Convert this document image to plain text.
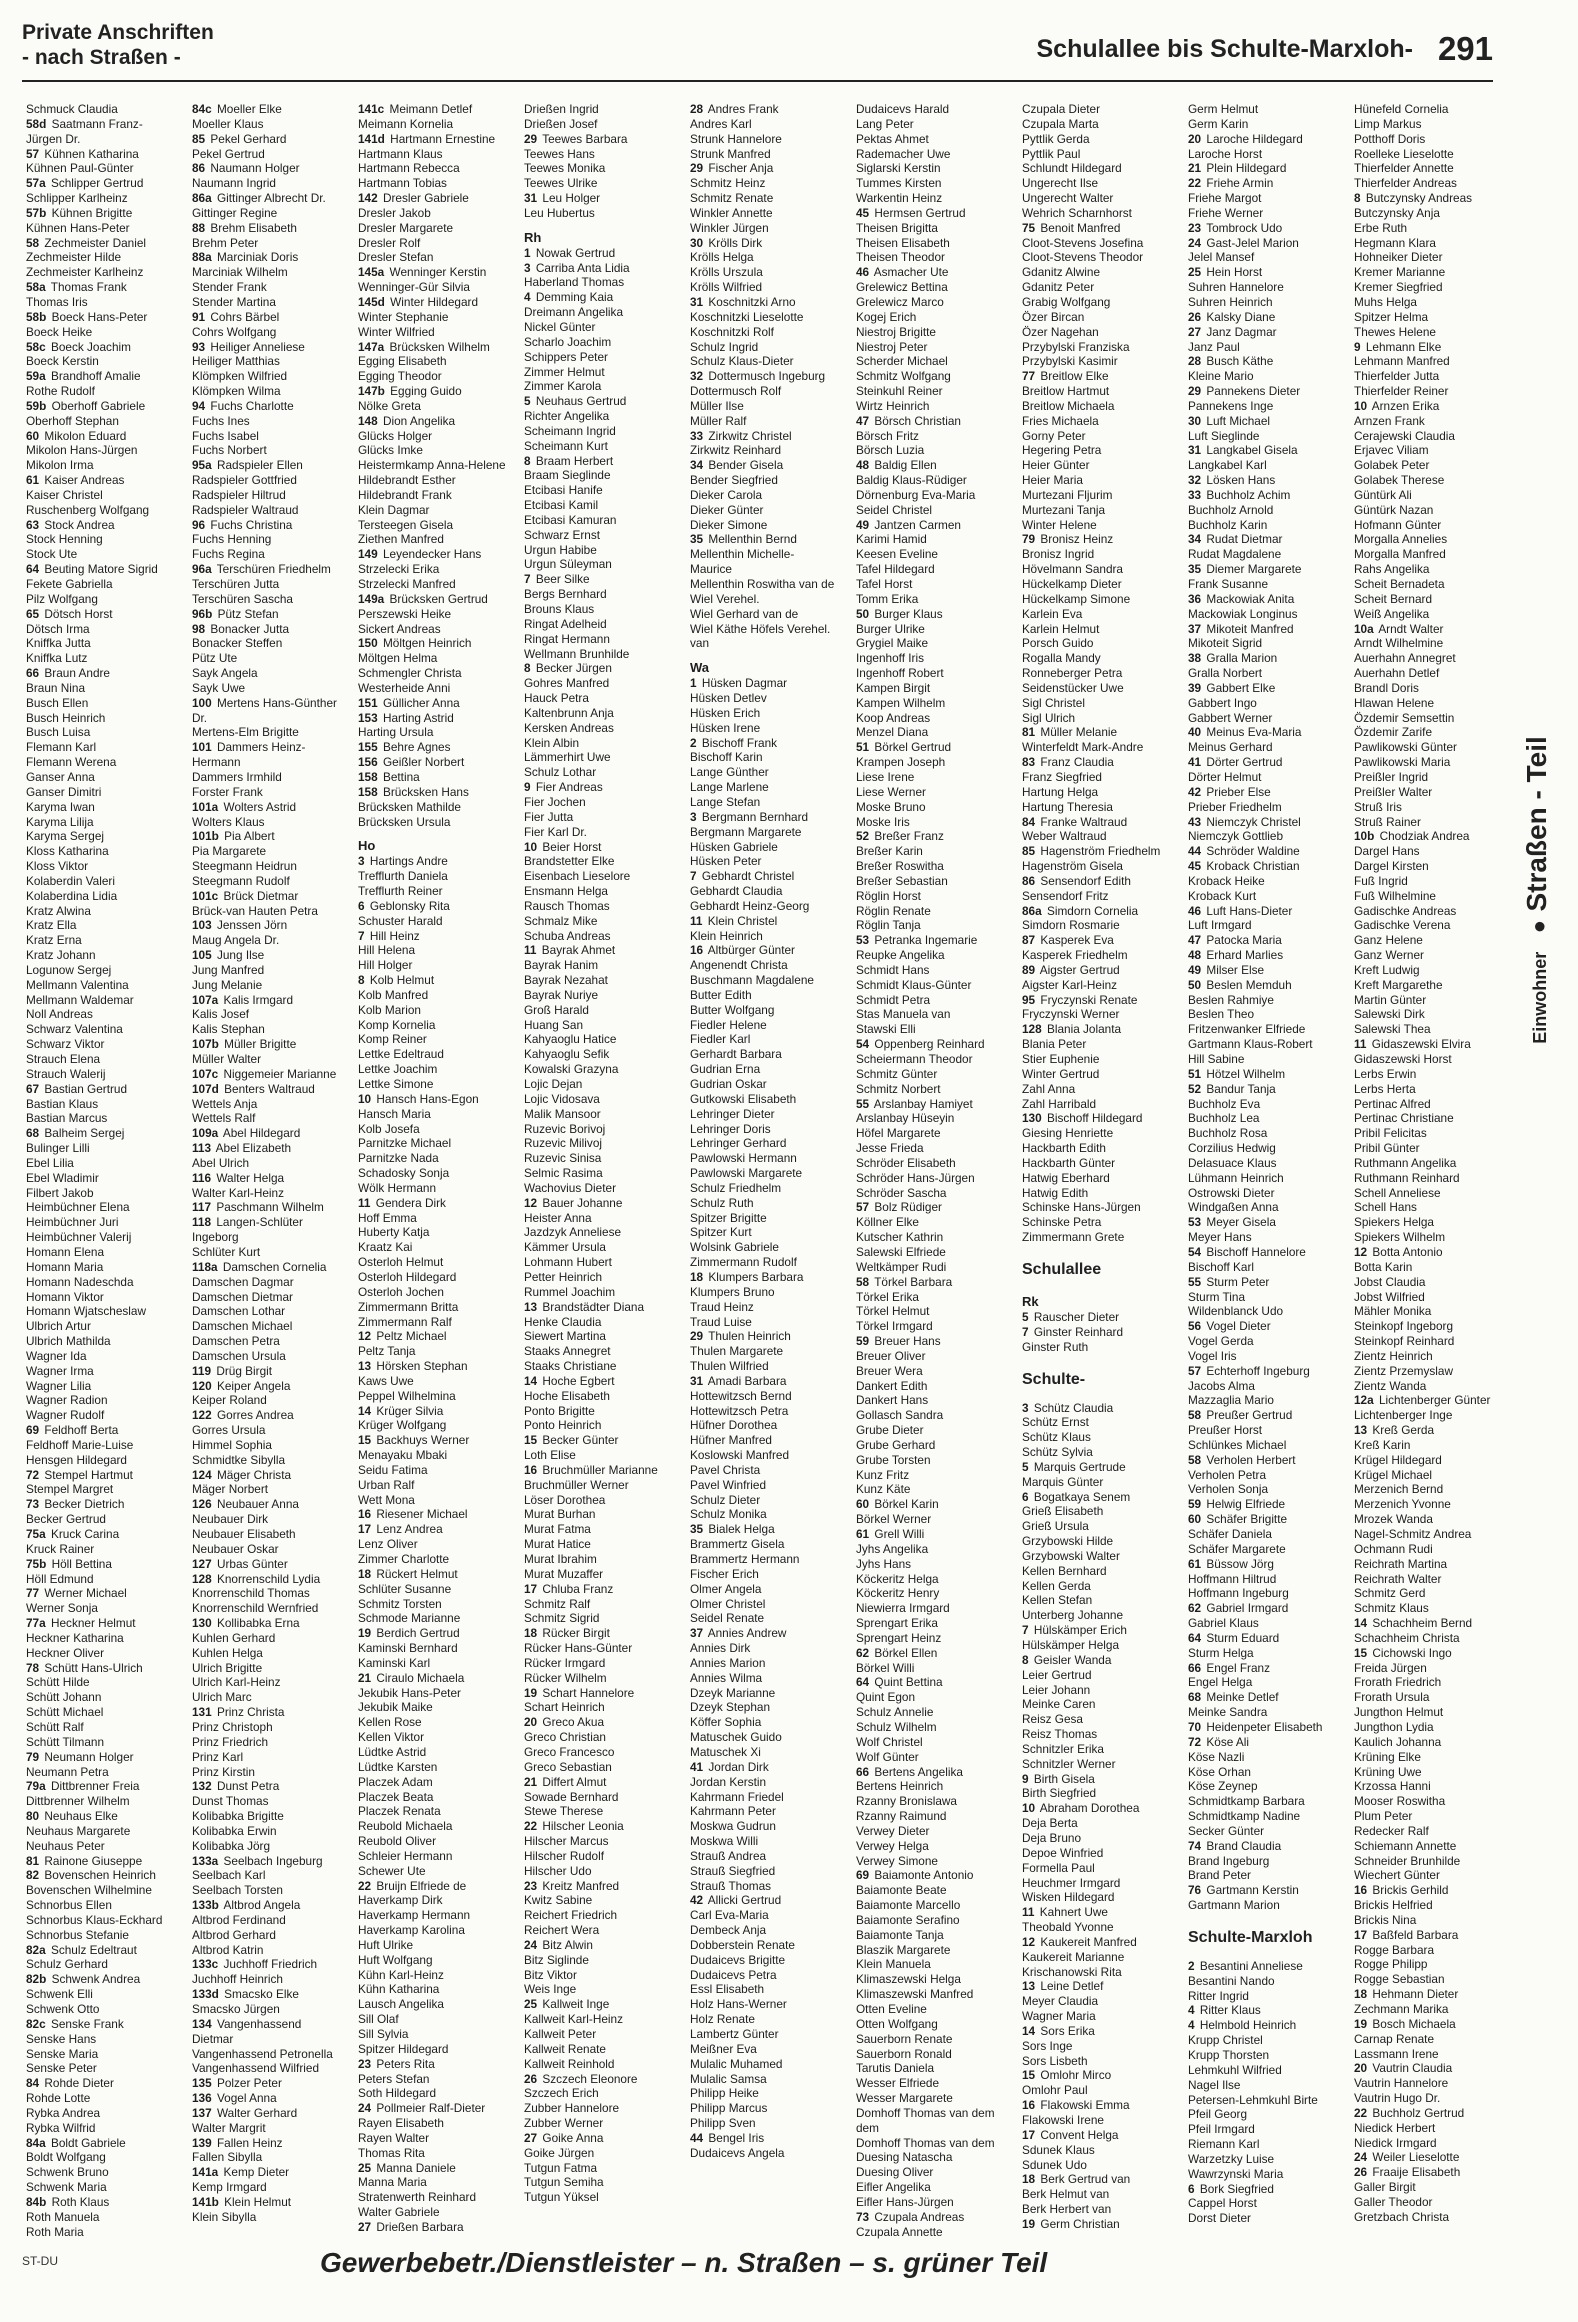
Private Anschriften
- nach Straßen -	Schulallee bis Schulte-Marxloh- 291
Schmuck Claudia
58d Saatmann Franz-
Jürgen Dr.
57 Kühnen Katharina
Kühnen Paul-Günter
57a Schlipper Gertrud
Schlipper Karlheinz
57b Kühnen Brigitte
Kühnen Hans-Peter
58 Zechmeister Daniel
Zechmeister Hilde
Zechmeister Karlheinz
58a Thomas Frank
Thomas Iris
58b Boeck Hans-Peter
Boeck Heike
58c Boeck Joachim
Boeck Kerstin
59a Brandhoff Amalie
Rothe Rudolf
59b Oberhoff Gabriele
Oberhoff Stephan
60 Mikolon Eduard
Mikolon Hans-Jürgen
Mikolon Irma
61 Kaiser Andreas
Kaiser Christel
Ruschenberg Wolfgang
63 Stock Andrea
Stock Henning
Stock Ute
64 Beuting Matore Sigrid
Fekete Gabriella
Pilz Wolfgang
65 Dötsch Horst
Dötsch Irma
Kniffka Jutta
Kniffka Lutz
66 Braun Andre
Braun Nina
Busch Ellen
Busch Heinrich
Busch Luisa
Flemann Karl
Flemann Werena
Ganser Anna
Ganser Dimitri
Karyma Iwan
Karyma Lilija
Karyma Sergej
Kloss Katharina
Kloss Viktor
Kolaberdin Valeri
Kolaberdina Lidia
Kratz Alwina
Kratz Ella
Kratz Erna
Kratz Johann
Logunow Sergej
Mellmann Valentina
Mellmann Waldemar
Noll Andreas
Schwarz Valentina
Schwarz Viktor
Strauch Elena
Strauch Walerij
67 Bastian Gertrud
Bastian Klaus
Bastian Marcus
68 Balheim Sergej
Bulinger Lilli
Ebel Lilia
Ebel Wladimir
Filbert Jakob
Heimbüchner Elena
Heimbüchner Juri
Heimbüchner Valerij
Homann Elena
Homann Maria
Homann Nadeschda
Homann Viktor
Homann Wjatscheslaw
Ulbrich Artur
Ulbrich Mathilda
Wagner Ida
Wagner Irma
Wagner Lilia
Wagner Radion
Wagner Rudolf
69 Feldhoff Berta
Feldhoff Marie-Luise
Hensgen Hildegard
72 Stempel Hartmut
Stempel Margret
73 Becker Dietrich
Becker Gertrud
75a Kruck Carina
Kruck Rainer
75b Höll Bettina
Höll Edmund
77 Werner Michael
Werner Sonja
77a Heckner Helmut
Heckner Katharina
Heckner Oliver
78 Schütt Hans-Ulrich
Schütt Hilde
Schütt Johann
Schütt Michael
Schütt Ralf
Schütt Tilmann
79 Neumann Holger
Neumann Petra
79a Dittbrenner Freia
Dittbrenner Wilhelm
80 Neuhaus Elke
Neuhaus Margarete
Neuhaus Peter
81 Rainone Giuseppe
82 Bovenschen Heinrich
Bovenschen Wilhelmine
Schnorbus Ellen
Schnorbus Klaus-Eckhard
Schnorbus Stefanie
82a Schulz Edeltraut
Schulz Gerhard
82b Schwenk Andrea
Schwenk Elli
Schwenk Otto
82c Senske Frank
Senske Hans
Senske Maria
Senske Peter
84 Rohde Dieter
Rohde Lotte
Rybka Andrea
Rybka Wilfrid
84a Boldt Gabriele
Boldt Wolfgang
Schwenk Bruno
Schwenk Maria
84b Roth Klaus
Roth Manuela
Roth Maria
84c Moeller Elke
Moeller Klaus
85 Pekel Gerhard
Pekel Gertrud
86 Naumann Holger
Naumann Ingrid
86a Gittinger Albrecht Dr.
Gittinger Regine
88 Brehm Elisabeth
Brehm Peter
88a Marciniak Doris
Marciniak Wilhelm
Stender Frank
Stender Martina
91 Cohrs Bärbel
Cohrs Wolfgang
93 Heiliger Anneliese
Heiliger Matthias
Klömpken Wilfried
Klömpken Wilma
94 Fuchs Charlotte
Fuchs Ines
Fuchs Isabel
Fuchs Norbert
95a Radspieler Ellen
Radspieler Gottfried
Radspieler Hiltrud
Radspieler Waltraud
96 Fuchs Christina
Fuchs Henning
Fuchs Regina
96a Terschüren Friedhelm
Terschüren Jutta
Terschüren Sascha
96b Pütz Stefan
98 Bonacker Jutta
Bonacker Steffen
Pütz Ute
Sayk Angela
Sayk Uwe
100 Mertens Hans-Günther
Dr.
Mertens-Elm Brigitte
101 Dammers Heinz-
Hermann
Dammers Irmhild
Forster Frank
101a Wolters Astrid
Wolters Klaus
101b Pia Albert
Pia Margarete
Steegmann Heidrun
Steegmann Rudolf
101c Brück Dietmar
Brück-van Hauten Petra
103 Jenssen Jörn
Maug Angela Dr.
105 Jung Ilse
Jung Manfred
Jung Melanie
107a Kalis Irmgard
Kalis Josef
Kalis Stephan
107b Müller Brigitte
Müller Walter
107c Niggemeier Marianne
107d Benters Waltraud
Wettels Anja
Wettels Ralf
109a Abel Hildegard
113 Abel Elizabeth
Abel Ulrich
116 Walter Helga
Walter Karl-Heinz
117 Paschmann Wilhelm
118 Langen-Schlüter
Ingeborg
Schlüter Kurt
118a Damschen Cornelia
Damschen Dagmar
Damschen Dietmar
Damschen Lothar
Damschen Michael
Damschen Petra
Damschen Ursula
119 Drüg Birgit
120 Keiper Angela
Keiper Roland
122 Gorres Andrea
Gorres Ursula
Himmel Sophia
Schmidtke Sibylla
124 Mäger Christa
Mäger Norbert
126 Neubauer Anna
Neubauer Dirk
Neubauer Elisabeth
Neubauer Oskar
127 Urbas Günter
128 Knorrenschild Lydia
Knorrenschild Thomas
Knorrenschild Wernfried
130 Kollibabka Erna
Kuhlen Gerhard
Kuhlen Helga
Ulrich Brigitte
Ulrich Karl-Heinz
Ulrich Marc
131 Prinz Christa
Prinz Christoph
Prinz Friedrich
Prinz Karl
Prinz Kirstin
132 Dunst Petra
Dunst Thomas
Kolibabka Brigitte
Kolibabka Erwin
Kolibabka Jörg
133a Seelbach Ingeburg
Seelbach Karl
Seelbach Torsten
133b Altbrod Angela
Altbrod Ferdinand
Altbrod Gerhard
Altbrod Katrin
133c Juchhoff Friedrich
Juchhoff Heinrich
133d Smacsko Elke
Smacsko Jürgen
134 Vangenhassend
Dietmar
Vangenhassend Petronella
Vangenhassend Wilfried
135 Polzer Peter
136 Vogel Anna
137 Walter Gerhard
Walter Margrit
139 Fallen Heinz
Fallen Sibylla
141a Kemp Dieter
Kemp Irmgard
141b Klein Helmut
Klein Sibylla
141c Meimann Detlef
Meimann Kornelia
141d Hartmann Ernestine
Hartmann Klaus
Hartmann Rebecca
Hartmann Tobias
142 Dresler Gabriele
Dresler Jakob
Dresler Margarete
Dresler Rolf
Dresler Stefan
145a Wenninger Kerstin
Wenninger-Gür Silvia
145d Winter Hildegard
Winter Stephanie
Winter Wilfried
147a Brücksken Wilhelm
Egging Elisabeth
Egging Theodor
147b Egging Guido
Nölke Greta
148 Dion Angelika
Glücks Holger
Glücks Imke
Heistermkamp Anna-Helene
Hildebrandt Esther
Hildebrandt Frank
Klein Dagmar
Tersteegen Gisela
Ziethen Manfred
149 Leyendecker Hans
Strzelecki Erika
Strzelecki Manfred
149a Brücksken Gertrud
Perszewski Heike
Sickert Andreas
150 Möltgen Heinrich
Möltgen Helma
Schmengler Christa
Westerheide Anni
151 Güllicher Anna
153 Harting Astrid
Harting Ursula
155 Behre Agnes
156 Geißler Norbert
158 Bettina
158 Brücksken Hans
Brücksken Mathilde
Brücksken Ursula
Ho
3 Hartings Andre
Trefflurth Daniela
Trefflurth Reiner
6 Geblonsky Rita
Schuster Harald
7 Hill Heinz
Hill Helena
Hill Holger
8 Kolb Helmut
Kolb Manfred
Kolb Marion
Komp Kornelia
Komp Reiner
Lettke Edeltraud
Lettke Joachim
Lettke Simone
10 Hansch Hans-Egon
Hansch Maria
Kolb Josefa
Parnitzke Michael
Parnitzke Nada
Schadosky Sonja
Wölk Hermann
11 Gendera Dirk
Hoff Emma
Huberty Katja
Kraatz Kai
Osterloh Helmut
Osterloh Hildegard
Osterloh Jochen
Zimmermann Britta
Zimmermann Ralf
12 Peltz Michael
Peltz Tanja
13 Hörsken Stephan
Kaws Uwe
Peppel Wilhelmina
14 Krüger Silvia
Krüger Wolfgang
15 Backhuys Werner
Menayaku Mbaki
Seidu Fatima
Urban Ralf
Wett Mona
16 Riesener Michael
17 Lenz Andrea
Lenz Oliver
Zimmer Charlotte
18 Rückert Helmut
Schlüter Susanne
Schmitz Torsten
Schmode Marianne
19 Berdich Gertrud
Kaminski Bernhard
Kaminski Karl
21 Ciraulo Michaela
Jekubik Hans-Peter
Jekubik Maike
Kellen Rose
Kellen Viktor
Lüdtke Astrid
Lüdtke Karsten
Placzek Adam
Placzek Beata
Placzek Renata
Reubold Michaela
Reubold Oliver
Schleier Hermann
Schewer Ute
22 Bruijn Elfriede de
Haverkamp Dirk
Haverkamp Hermann
Haverkamp Karolina
Huft Ulrike
Huft Wolfgang
Kühn Karl-Heinz
Kühn Katharina
Lausch Angelika
Sill Olaf
Sill Sylvia
Spitzer Hildegard
23 Peters Rita
Peters Stefan
Soth Hildegard
24 Pollmeier Ralf-Dieter
Rayen Elisabeth
Rayen Walter
Thomas Rita
25 Manna Daniele
Manna Maria
Stratenwerth Reinhard
Walter Gabriele
27 Drießen Barbara
Drießen Ingrid
Drießen Josef
29 Teewes Barbara
Teewes Hans
Teewes Monika
Teewes Ulrike
31 Leu Holger
Leu Hubertus
Rh
1 Nowak Gertrud
3 Carriba Anta Lidia
Haberland Thomas
4 Demming Kaia
Dreimann Angelika
Nickel Günter
Scharlo Joachim
Schippers Peter
Zimmer Helmut
Zimmer Karola
5 Neuhaus Gertrud
Richter Angelika
Scheimann Ingrid
Scheimann Kurt
8 Braam Herbert
Braam Sieglinde
Etcibasi Hanife
Etcibasi Kamil
Etcibasi Kamuran
Schwarz Ernst
Urgun Habibe
Urgun Süleyman
7 Beer Silke
Bergs Bernhard
Brouns Klaus
Ringat Adelheid
Ringat Hermann
Wellmann Brunhilde
8 Becker Jürgen
Gohres Manfred
Hauck Petra
Kaltenbrunn Anja
Kersken Andreas
Klein Albin
Lämmerhirt Uwe
Schulz Lothar
9 Fier Andreas
Fier Jochen
Fier Jutta
Fier Karl Dr.
10 Beier Horst
Brandstetter Elke
Eisenbach Lieselore
Ensmann Helga
Rausch Thomas
Schmalz Mike
Schuba Andreas
11 Bayrak Ahmet
Bayrak Hanim
Bayrak Nezahat
Bayrak Nuriye
Groß Harald
Huang San
Kahyaoglu Hatice
Kahyaoglu Sefik
Kowalski Grazyna
Lojic Dejan
Lojic Vidosava
Malik Mansoor
Ruzevic Borivoj
Ruzevic Milivoj
Ruzevic Sinisa
Selmic Rasima
Wachovius Dieter
12 Bauer Johanne
Heister Anna
Jazdzyk Anneliese
Kämmer Ursula
Lohmann Hubert
Petter Heinrich
Rummel Joachim
13 Brandstädter Diana
Henke Claudia
Siewert Martina
Staaks Annegret
Staaks Christiane
14 Hoche Egbert
Hoche Elisabeth
Ponto Brigitte
Ponto Heinrich
15 Becker Günter
Loth Elise
16 Bruchmüller Marianne
Bruchmüller Werner
Löser Dorothea
Murat Burhan
Murat Fatma
Murat Hatice
Murat Ibrahim
Murat Muzaffer
17 Chluba Franz
Schmitz Ralf
Schmitz Sigrid
18 Rücker Birgit
Rücker Hans-Günter
Rücker Irmgard
Rücker Wilhelm
19 Schart Hannelore
Schart Heinrich
20 Greco Akua
Greco Christian
Greco Francesco
Greco Sebastian
21 Differt Almut
Sowade Bernhard
Stewe Therese
22 Hilscher Leonia
Hilscher Marcus
Hilscher Rudolf
Hilscher Udo
23 Kreitz Manfred
Kwitz Sabine
Reichert Friedrich
Reichert Wera
24 Bitz Alwin
Bitz Siglinde
Bitz Viktor
Weis Inge
25 Kallweit Inge
Kallweit Karl-Heinz
Kallweit Peter
Kallweit Renate
Kallweit Reinhold
26 Szczech Eleonore
Szczech Erich
Zubber Hannelore
Zubber Werner
27 Goike Anna
Goike Jürgen
Tutgun Fatma
Tutgun Semiha
Tutgun Yüksel
28 Andres Frank
Andres Karl
Strunk Hannelore
Strunk Manfred
29 Fischer Anja
Schmitz Heinz
Schmitz Renate
Winkler Annette
Winkler Jürgen
30 Krölls Dirk
Krölls Helga
Krölls Urszula
Krölls Wilfried
31 Koschnitzki Arno
Koschnitzki Lieselotte
Koschnitzki Rolf
Schulz Ingrid
Schulz Klaus-Dieter
32 Dottermusch Ingeburg
Dottermusch Rolf
Müller Ilse
Müller Ralf
33 Zirkwitz Christel
Zirkwitz Reinhard
34 Bender Gisela
Bender Siegfried
Dieker Carola
Dieker Günter
Dieker Simone
35 Mellenthin Bernd
Mellenthin Michelle-
Maurice
Mellenthin Roswitha van de
Wiel Verehel.
Wiel Gerhard van de
Wiel Käthe Höfels Verehel.
van
Wa
1 Hüsken Dagmar
Hüsken Detlev
Hüsken Erich
Hüsken Irene
2 Bischoff Frank
Bischoff Karin
Lange Günther
Lange Marlene
Lange Stefan
3 Bergmann Bernhard
Bergmann Margarete
Hüsken Gabriele
Hüsken Peter
7 Gebhardt Christel
Gebhardt Claudia
Gebhardt Heinz-Georg
11 Klein Christel
Klein Heinrich
16 Altbürger Günter
Angenendt Christa
Buschmann Magdalene
Butter Edith
Butter Wolfgang
Fiedler Helene
Fiedler Karl
Gerhardt Barbara
Gudrian Erna
Gudrian Oskar
Gutkowski Elisabeth
Lehringer Dieter
Lehringer Doris
Lehringer Gerhard
Pawlowski Hermann
Pawlowski Margarete
Schulz Friedhelm
Schulz Ruth
Spitzer Brigitte
Spitzer Kurt
Wolsink Gabriele
Zimmermann Rudolf
18 Klumpers Barbara
Klumpers Bruno
Traud Heinz
Traud Luise
29 Thulen Heinrich
Thulen Margarete
Thulen Wilfried
31 Amadi Barbara
Hottewitzsch Bernd
Hottewitzsch Petra
Hüfner Dorothea
Hüfner Manfred
Koslowski Manfred
Pavel Christa
Pavel Winfried
Schulz Dieter
Schulz Monika
35 Bialek Helga
Brammertz Gisela
Brammertz Hermann
Fischer Erich
Olmer Angela
Olmer Christel
Seidel Renate
37 Annies Andrew
Annies Dirk
Annies Marion
Annies Wilma
Dzeyk Marianne
Dzeyk Stephan
Köffer Sophia
Matuschek Guido
Matuschek Xi
41 Jordan Dirk
Jordan Kerstin
Kahrmann Friedel
Kahrmann Peter
Moskwa Gudrun
Moskwa Willi
Strauß Andrea
Strauß Siegfried
Strauß Thomas
42 Allicki Gertrud
Carl Eva-Maria
Dembeck Anja
Dobberstein Renate
Dudaicevs Brigitte
Dudaicevs Petra
Essl Elisabeth
Holz Hans-Werner
Holz Renate
Lambertz Günter
Meißner Eva
Mulalic Muhamed
Mulalic Samsa
Philipp Heike
Philipp Marcus
Philipp Sven
44 Bengel Iris
Dudaicevs Angela
Dudaicevs Harald
Lang Peter
Pektas Ahmet
Rademacher Uwe
Siglarski Kerstin
Tummes Kirsten
Warkentin Heinz
45 Hermsen Gertrud
Theisen Brigitta
Theisen Elisabeth
Theisen Theodor
46 Asmacher Ute
Grelewicz Bettina
Grelewicz Marco
Kogej Erich
Niestroj Brigitte
Niestroj Peter
Scherder Michael
Schmitz Wolfgang
Steinkuhl Reiner
Wirtz Heinrich
47 Börsch Christian
Börsch Fritz
Börsch Luzia
48 Baldig Ellen
Baldig Klaus-Rüdiger
Dörnenburg Eva-Maria
Seidel Christel
49 Jantzen Carmen
Karimi Hamid
Keesen Eveline
Tafel Hildegard
Tafel Horst
Tomm Erika
50 Burger Klaus
Burger Ulrike
Grygiel Maike
Ingenhoff Iris
Ingenhoff Robert
Kampen Birgit
Kampen Wilhelm
Koop Andreas
Menzel Diana
51 Börkel Gertrud
Krampen Joseph
Liese Irene
Liese Werner
Moske Bruno
Moske Iris
52 Breßer Franz
Breßer Karin
Breßer Roswitha
Breßer Sebastian
Röglin Horst
Röglin Renate
Röglin Tanja
53 Petranka Ingemarie
Reupke Angelika
Schmidt Hans
Schmidt Klaus-Günter
Schmidt Petra
Stas Manuela van
Stawski Elli
54 Oppenberg Reinhard
Scheiermann Theodor
Schmitz Günter
Schmitz Norbert
55 Arslanbay Hamiyet
Arslanbay Hüseyin
Höfel Margarete
Jesse Frieda
Schröder Elisabeth
Schröder Hans-Jürgen
Schröder Sascha
57 Bolz Rüdiger
Köllner Elke
Kutscher Kathrin
Salewski Elfriede
Weltkämper Rudi
58 Törkel Barbara
Törkel Erika
Törkel Helmut
Törkel Irmgard
59 Breuer Hans
Breuer Oliver
Breuer Wera
Dankert Edith
Dankert Hans
Gollasch Sandra
Grube Dieter
Grube Gerhard
Grube Torsten
Kunz Fritz
Kunz Käte
60 Börkel Karin
Börkel Werner
61 Grell Willi
Jyhs Angelika
Jyhs Hans
Köckeritz Helga
Köckeritz Henry
Niewierra Irmgard
Sprengart Erika
Sprengart Heinz
62 Börkel Ellen
Börkel Willi
64 Quint Bettina
Quint Egon
Schulz Annelie
Schulz Wilhelm
Wolf Christel
Wolf Günter
66 Bertens Angelika
Bertens Heinrich
Rzanny Bronislawa
Rzanny Raimund
Verwey Dieter
Verwey Helga
Verwey Simone
69 Baiamonte Antonio
Baiamonte Beate
Baiamonte Marcello
Baiamonte Serafino
Baiamonte Tanja
Blaszik Margarete
Klein Manuela
Klimaszewski Helga
Klimaszewski Manfred
Otten Eveline
Otten Wolfgang
Sauerborn Renate
Sauerborn Ronald
Tarutis Daniela
Wesser Elfriede
Wesser Margarete
Domhoff Thomas van dem
dem
Domhoff Thomas van dem
Duesing Natascha
Duesing Oliver
Eifler Angelika
Eifler Hans-Jürgen
73 Czupala Andreas
Czupala Annette
Czupala Dieter
Czupala Marta
Pyttlik Gerda
Pyttlik Paul
Schlundt Hildegard
Ungerecht Ilse
Ungerecht Walter
Wehrich Scharnhorst
75 Benoit Manfred
Cloot-Stevens Josefina
Cloot-Stevens Theodor
Gdanitz Alwine
Gdanitz Peter
Grabig Wolfgang
Özer Bircan
Özer Nagehan
Przybylski Franziska
Przybylski Kasimir
77 Breitlow Elke
Breitlow Hartmut
Breitlow Michaela
Fries Michaela
Gorny Peter
Hegering Petra
Heier Günter
Heier Maria
Murtezani Fljurim
Murtezani Tanja
Winter Helene
79 Bronisz Heinz
Bronisz Ingrid
Hövelmann Sandra
Hückelkamp Dieter
Hückelkamp Simone
Karlein Eva
Karlein Helmut
Porsch Guido
Rogalla Mandy
Ronneberger Petra
Seidenstücker Uwe
Sigl Christel
Sigl Ulrich
81 Müller Melanie
Winterfeldt Mark-Andre
83 Franz Claudia
Franz Siegfried
Hartung Helga
Hartung Theresia
84 Franke Waltraud
Weber Waltraud
85 Hagenström Friedhelm
Hagenström Gisela
86 Sensendorf Edith
Sensendorf Fritz
86a Simdorn Cornelia
Simdorn Rosmarie
87 Kasperek Eva
Kasperek Friedhelm
89 Aigster Gertrud
Aigster Karl-Heinz
95 Fryczynski Renate
Fryczynski Werner
128 Blania Jolanta
Blania Peter
Stier Euphenie
Winter Gertrud
Zahl Anna
Zahl Harribald
130 Bischoff Hildegard
Giesing Henriette
Hackbarth Edith
Hackbarth Günter
Hatwig Eberhard
Hatwig Edith
Schinske Hans-Jürgen
Schinske Petra
Zimmermann Grete
Schulallee
Rk
5 Rauscher Dieter
7 Ginster Reinhard
Ginster Ruth
Schulte-
3 Schütz Claudia
Schütz Ernst
Schütz Klaus
Schütz Sylvia
5 Marquis Gertrude
Marquis Günter
6 Bogatkaya Senem
Grieß Elisabeth
Grieß Ursula
Grzybowski Hilde
Grzybowski Walter
Kellen Bernhard
Kellen Gerda
Kellen Stefan
Unterberg Johanne
7 Hülskämper Erich
Hülskämper Helga
8 Geisler Wanda
Leier Gertrud
Leier Johann
Meinke Caren
Reisz Gesa
Reisz Thomas
Schnitzler Erika
Schnitzler Werner
9 Birth Gisela
Birth Siegfried
10 Abraham Dorothea
Deja Berta
Deja Bruno
Depoe Winfried
Formella Paul
Heuchmer Irmgard
Wisken Hildegard
11 Kahnert Uwe
Theobald Yvonne
12 Kaukereit Manfred
Kaukereit Marianne
Krischanowski Rita
13 Leine Detlef
Meyer Claudia
Wagner Maria
14 Sors Erika
Sors Inge
Sors Lisbeth
15 Omlohr Mirco
Omlohr Paul
16 Flakowski Emma
Flakowski Irene
17 Convent Helga
Sdunek Klaus
Sdunek Udo
18 Berk Gertrud van
Berk Helmut van
Berk Herbert van
19 Germ Christian
Germ Helmut
Germ Karin
20 Laroche Hildegard
Laroche Horst
21 Plein Hildegard
22 Friehe Armin
Friehe Margot
Friehe Werner
23 Tombrock Udo
24 Gast-Jelel Marion
Jelel Mansef
25 Hein Horst
Suhren Hannelore
Suhren Heinrich
26 Kalsky Diane
27 Janz Dagmar
Janz Paul
28 Busch Käthe
Kleine Mario
29 Pannekens Dieter
Pannekens Inge
30 Luft Michael
Luft Sieglinde
31 Langkabel Gisela
Langkabel Karl
32 Lösken Hans
33 Buchholz Achim
Buchholz Arnold
Buchholz Karin
34 Rudat Dietmar
Rudat Magdalene
35 Diemer Margarete
Frank Susanne
36 Mackowiak Anita
Mackowiak Longinus
37 Mikoteit Manfred
Mikoteit Sigrid
38 Gralla Marion
Gralla Norbert
39 Gabbert Elke
Gabbert Ingo
Gabbert Werner
40 Meinus Eva-Maria
Meinus Gerhard
41 Dörter Gertrud
Dörter Helmut
42 Prieber Else
Prieber Friedhelm
43 Niemczyk Christel
Niemczyk Gottlieb
44 Schröder Waldine
45 Kroback Christian
Kroback Heike
Kroback Kurt
46 Luft Hans-Dieter
Luft Irmgard
47 Patocka Maria
48 Erhard Marlies
49 Milser Else
50 Beslen Memduh
Beslen Rahmiye
Beslen Theo
Fritzenwanker Elfriede
Gartmann Klaus-Robert
Hill Sabine
51 Hötzel Wilhelm
52 Bandur Tanja
Buchholz Eva
Buchholz Lea
Buchholz Rosa
Corzilius Hedwig
Delasuace Klaus
Lühmann Heinrich
Ostrowski Dieter
Windgaßen Anna
53 Meyer Gisela
Meyer Hans
54 Bischoff Hannelore
Bischoff Karl
55 Sturm Peter
Sturm Tina
Wildenblanck Udo
56 Vogel Dieter
Vogel Gerda
Vogel Iris
57 Echterhoff Ingeburg
Jacobs Alma
Mazzaglia Mario
58 Preußer Gertrud
Preußer Horst
Schlünkes Michael
58 Verholen Herbert
Verholen Petra
Verholen Sonja
59 Helwig Elfriede
60 Schäfer Brigitte
Schäfer Daniela
Schäfer Margarete
61 Büssow Jörg
Hoffmann Hiltrud
Hoffmann Ingeburg
62 Gabriel Irmgard
Gabriel Klaus
64 Sturm Eduard
Sturm Helga
66 Engel Franz
Engel Helga
68 Meinke Detlef
Meinke Sandra
70 Heidenpeter Elisabeth
72 Köse Ali
Köse Nazli
Köse Orhan
Köse Zeynep
Schmidtkamp Barbara
Schmidtkamp Nadine
Secker Günter
74 Brand Claudia
Brand Ingeburg
Brand Peter
76 Gartmann Kerstin
Gartmann Marion
Schulte-Marxloh
2 Besantini Anneliese
Besantini Nando
Ritter Ingrid
4 Ritter Klaus
4 Helmbold Heinrich
Krupp Christel
Krupp Thorsten
Lehmkuhl Wilfried
Nagel Ilse
Petersen-Lehmkuhl Birte
Pfeil Georg
Pfeil Irmgard
Riemann Karl
Warzetzky Luise
Wawrzynski Maria
6 Bork Siegfried
Cappel Horst
Dorst Dieter
Hünefeld Cornelia
Limp Markus
Potthoff Doris
Roelleke Lieselotte
Thierfelder Annette
Thierfelder Andreas
8 Butczynsky Andreas
Butczynsky Anja
Erbe Ruth
Hegmann Klara
Hohneiker Dieter
Kremer Marianne
Kremer Siegfried
Muhs Helga
Spitzer Helma
Thewes Helene
9 Lehmann Elke
Lehmann Manfred
Thierfelder Jutta
Thierfelder Reiner
10 Arnzen Erika
Arnzen Frank
Cerajewski Claudia
Erjavec Viliam
Golabek Peter
Golabek Therese
Güntürk Ali
Güntürk Nazan
Hofmann Günter
Morgalla Annelies
Morgalla Manfred
Rahs Angelika
Scheit Bernadeta
Scheit Bernard
Weiß Angelika
10a Arndt Walter
Arndt Wilhelmine
Auerhahn Annegret
Auerhahn Detlef
Brandl Doris
Hlawan Helene
Özdemir Semsettin
Özdemir Zarife
Pawlikowski Günter
Pawlikowski Maria
Preißler Ingrid
Preißler Walter
Struß Iris
Struß Rainer
10b Chodziak Andrea
Dargel Hans
Dargel Kirsten
Fuß Ingrid
Fuß Wilhelmine
Gadischke Andreas
Gadischke Verena
Ganz Helene
Ganz Werner
Kreft Ludwig
Kreft Margarethe
Martin Günter
Salewski Dirk
Salewski Thea
11 Gidaszewski Elvira
Gidaszewski Horst
Lerbs Erwin
Lerbs Herta
Pertinac Alfred
Pertinac Christiane
Pribil Felicitas
Pribil Günter
Ruthmann Angelika
Ruthmann Reinhard
Schell Anneliese
Schell Hans
Spiekers Helga
Spiekers Wilhelm
12 Botta Antonio
Botta Karin
Jobst Claudia
Jobst Wilfried
Mähler Monika
Steinkopf Ingeborg
Steinkopf Reinhard
Zientz Heinrich
Zientz Przemyslaw
Zientz Wanda
12a Lichtenberger Günter
Lichtenberger Inge
13 Kreß Gerda
Kreß Karin
Krügel Hildegard
Krügel Michael
Merzenich Bernd
Merzenich Yvonne
Mrozek Wanda
Nagel-Schmitz Andrea
Ochmann Rudi
Reichrath Martina
Reichrath Walter
Schmitz Gerd
Schmitz Klaus
14 Schachheim Bernd
Schachheim Christa
15 Cichowski Ingo
Freida Jürgen
Frorath Friedrich
Frorath Ursula
Jungthon Helmut
Jungthon Lydia
Kaulich Johanna
Krüning Elke
Krüning Uwe
Krzossa Hanni
Mooser Roswitha
Plum Peter
Redecker Ralf
Schiemann Annette
Schneider Brunhilde
Wiechert Günter
16 Brickis Gerhild
Brickis Helfried
Brickis Nina
17 Baßfeld Barbara
Rogge Barbara
Rogge Philipp
Rogge Sebastian
18 Hehmann Dieter
Zechmann Marika
19 Bosch Michaela
Carnap Renate
Lassmann Irene
20 Vautrin Claudia
Vautrin Hannelore
Vautrin Hugo Dr.
22 Buchholz Gertrud
Niedick Herbert
Niedick Irmgard
24 Weiler Lieselotte
26 Fraaije Elisabeth
Galler Birgit
Galler Theodor
Gretzbach Christa
Einwohner ● Straßen - Teil
ST-DU	Gewerbebetr./Dienstleister – n. Straßen – s. grüner Teil
